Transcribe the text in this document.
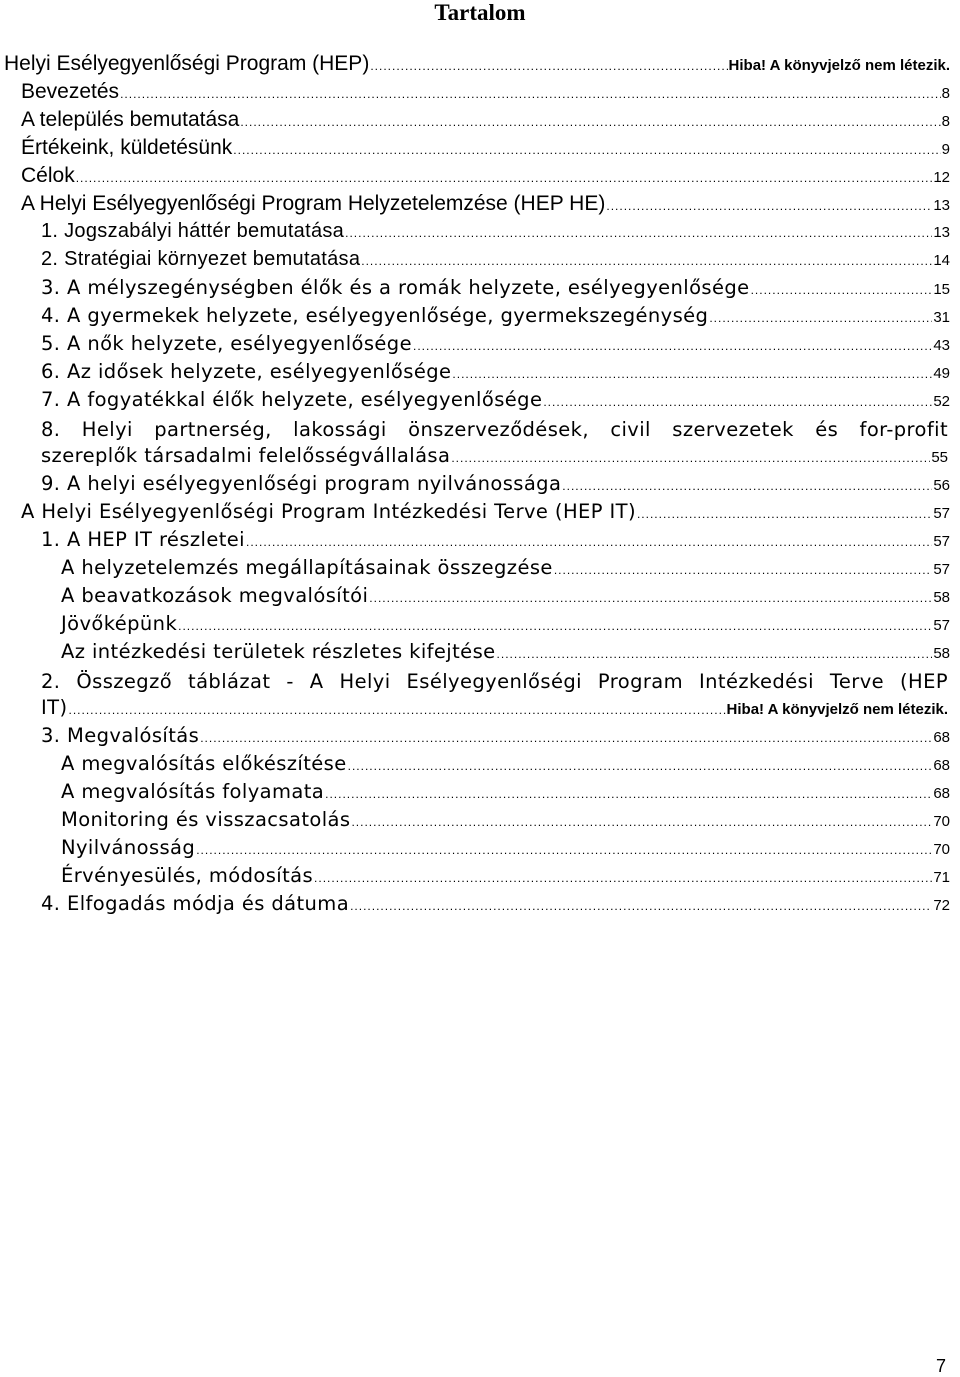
Tartalom
Helyi Esélyegyenlőségi Program (HEP) .....	Hiba! A könyvjelző nem létezik.
Bevezetés .....	8
A település bemutatása .....	8
Értékeink, küldetésünk .....	9
Célok .....	12
A Helyi Esélyegyenlőségi Program Helyzetelemzése (HEP HE) .....	13
1. Jogszabályi háttér bemutatása .....	13
2. Stratégiai környezet bemutatása .....	14
3. A mélyszegénységben élők és a romák helyzete, esélyegyenlősége .....	15
4. A gyermekek helyzete, esélyegyenlősége, gyermekszegénység .....	31
5. A nők helyzete, esélyegyenlősége .....	43
6. Az idősek helyzete, esélyegyenlősége .....	49
7. A fogyatékkal élők helyzete, esélyegyenlősége .....	52
8. Helyi partnerség, lakossági önszerveződések, civil szervezetek és for-profit
szereplők társadalmi felelősségvállalása .....	55
9. A helyi esélyegyenlőségi program nyilvánossága .....	56
A Helyi Esélyegyenlőségi Program Intézkedési Terve (HEP IT) .....	57
1. A HEP IT részletei .....	57
A helyzetelemzés megállapításainak összegzése .....	57
A beavatkozások megvalósítói .....	58
Jövőképünk .....	57
Az intézkedési területek részletes kifejtése .....	58
2. Összegző táblázat - A Helyi Esélyegyenlőségi Program Intézkedési Terve (HEP
IT) .....	Hiba! A könyvjelző nem létezik.
3. Megvalósítás .....	68
A megvalósítás előkészítése .....	68
A megvalósítás folyamata .....	68
Monitoring és visszacsatolás .....	70
Nyilvánosság .....	70
Érvényesülés, módosítás .....	71
4. Elfogadás módja és dátuma .....	72
7
